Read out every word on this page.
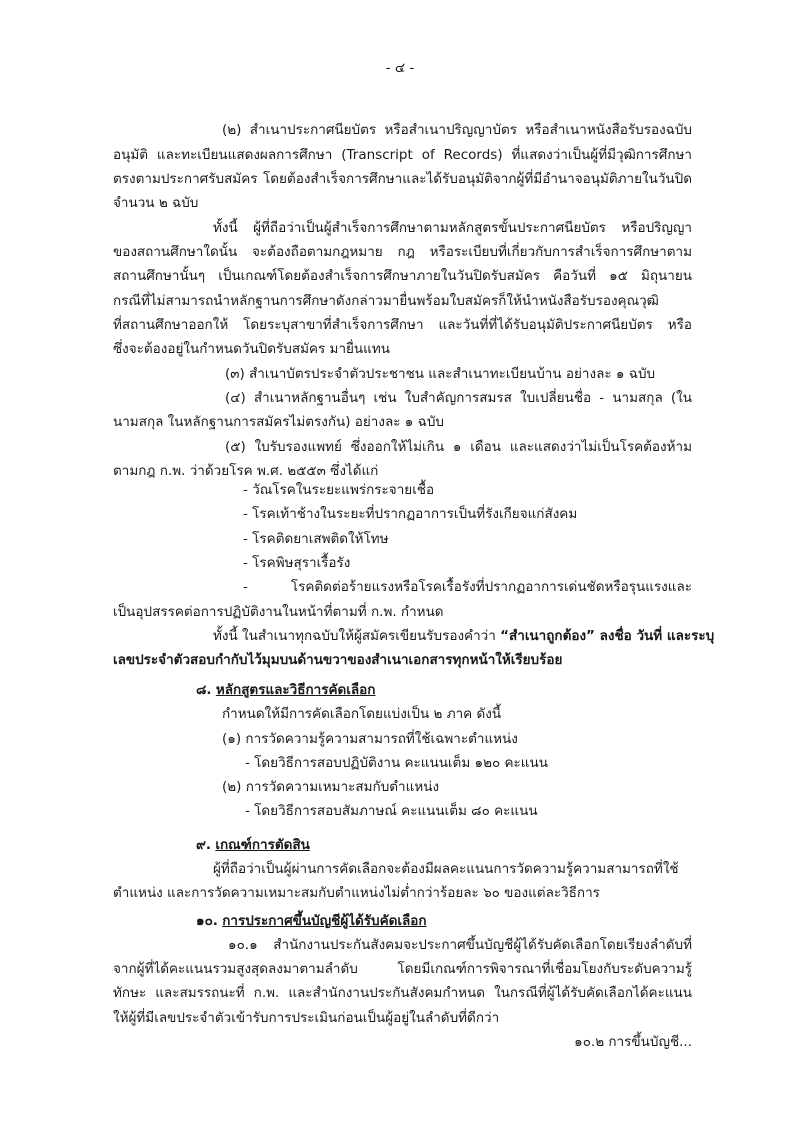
- ๔ -
(๒) สำเนาประกาศนียบัตร หรือสำเนาปริญญาบัตร หรือสำเนาหนังสือรับรองฉบับ
อนุมัติ และทะเบียนแสดงผลการศึกษา (Transcript of Records) ที่แสดงว่าเป็นผู้ที่มีวุฒิการศึกษา
ตรงตามประกาศรับสมัคร โดยต้องสำเร็จการศึกษาและได้รับอนุมัติจากผู้ที่มีอำนาจอนุมัติภายในวันปิด
จำนวน ๒ ฉบับ
ทั้งนี้ ผู้ที่ถือว่าเป็นผู้สำเร็จการศึกษาตามหลักสูตรขั้นประกาศนียบัตร หรือปริญญา
ของสถานศึกษาใดนั้น จะต้องถือตามกฎหมาย กฎ หรือระเบียบที่เกี่ยวกับการสำเร็จการศึกษาตาม
สถานศึกษานั้นๆ เป็นเกณฑ์โดยต้องสำเร็จการศึกษาภายในวันปิดรับสมัคร คือวันที่ ๑๕ มิถุนายน
กรณีที่ไม่สามารถนำหลักฐานการศึกษาดังกล่าวมายื่นพร้อมใบสมัครก็ให้นำหนังสือรับรองคุณวุฒิ
ที่สถานศึกษาออกให้ โดยระบุสาขาที่สำเร็จการศึกษา และวันที่ที่ได้รับอนุมัติประกาศนียบัตร หรือ
ซึ่งจะต้องอยู่ในกำหนดวันปิดรับสมัคร มายื่นแทน
(๓) สำเนาบัตรประจำตัวประชาชน และสำเนาทะเบียนบ้าน อย่างละ ๑ ฉบับ
(๔) สำเนาหลักฐานอื่นๆ เช่น ใบสำคัญการสมรส ใบเปลี่ยนชื่อ - นามสกุล (ใน
นามสกุล ในหลักฐานการสมัครไม่ตรงกัน) อย่างละ ๑ ฉบับ
(๕) ใบรับรองแพทย์ ซึ่งออกให้ไม่เกิน ๑ เดือน และแสดงว่าไม่เป็นโรคต้องห้าม
ตามกฎ ก.พ. ว่าด้วยโรค พ.ศ. ๒๕๕๓ ซึ่งได้แก่
- วัณโรคในระยะแพร่กระจายเชื้อ
- โรคเท้าช้างในระยะที่ปรากฏอาการเป็นที่รังเกียจแก่สังคม
- โรคติดยาเสพติดให้โทษ
- โรคพิษสุราเรื้อรัง
- โรคติดต่อร้ายแรงหรือโรคเรื้อรังที่ปรากฏอาการเด่นชัดหรือรุนแรงและ
เป็นอุปสรรคต่อการปฏิบัติงานในหน้าที่ตามที่ ก.พ. กำหนด
ทั้งนี้ ในสำเนาทุกฉบับให้ผู้สมัครเขียนรับรองคำว่า “สำเนาถูกต้อง” ลงชื่อ วันที่ และระบุ
เลขประจำตัวสอบกำกับไว้มุมบนด้านขวาของสำเนาเอกสารทุกหน้าให้เรียบร้อย
๘. หลักสูตรและวิธีการคัดเลือก
กำหนดให้มีการคัดเลือกโดยแบ่งเป็น ๒ ภาค ดังนี้
(๑) การวัดความรู้ความสามารถที่ใช้เฉพาะตำแหน่ง
- โดยวิธีการสอบปฏิบัติงาน คะแนนเต็ม ๑๒๐ คะแนน
(๒) การวัดความเหมาะสมกับตำแหน่ง
- โดยวิธีการสอบสัมภาษณ์ คะแนนเต็ม ๘๐ คะแนน
๙. เกณฑ์การตัดสิน
ผู้ที่ถือว่าเป็นผู้ผ่านการคัดเลือกจะต้องมีผลคะแนนการวัดความรู้ความสามารถที่ใช้
ตำแหน่ง และการวัดความเหมาะสมกับตำแหน่งไม่ต่ำกว่าร้อยละ ๖๐ ของแต่ละวิธีการ
๑๐. การประกาศขึ้นบัญชีผู้ได้รับคัดเลือก
๑๐.๑ สำนักงานประกันสังคมจะประกาศขึ้นบัญชีผู้ได้รับคัดเลือกโดยเรียงลำดับที่
จากผู้ที่ได้คะแนนรวมสูงสุดลงมาตามลำดับ โดยมีเกณฑ์การพิจารณาที่เชื่อมโยงกับระดับความรู้
ทักษะ และสมรรถนะที่ ก.พ. และสำนักงานประกันสังคมกำหนด ในกรณีที่ผู้ได้รับคัดเลือกได้คะแนน
ให้ผู้ที่มีเลขประจำตัวเข้ารับการประเมินก่อนเป็นผู้อยู่ในลำดับที่ดีกว่า
๑๐.๒ การขึ้นบัญชี...
